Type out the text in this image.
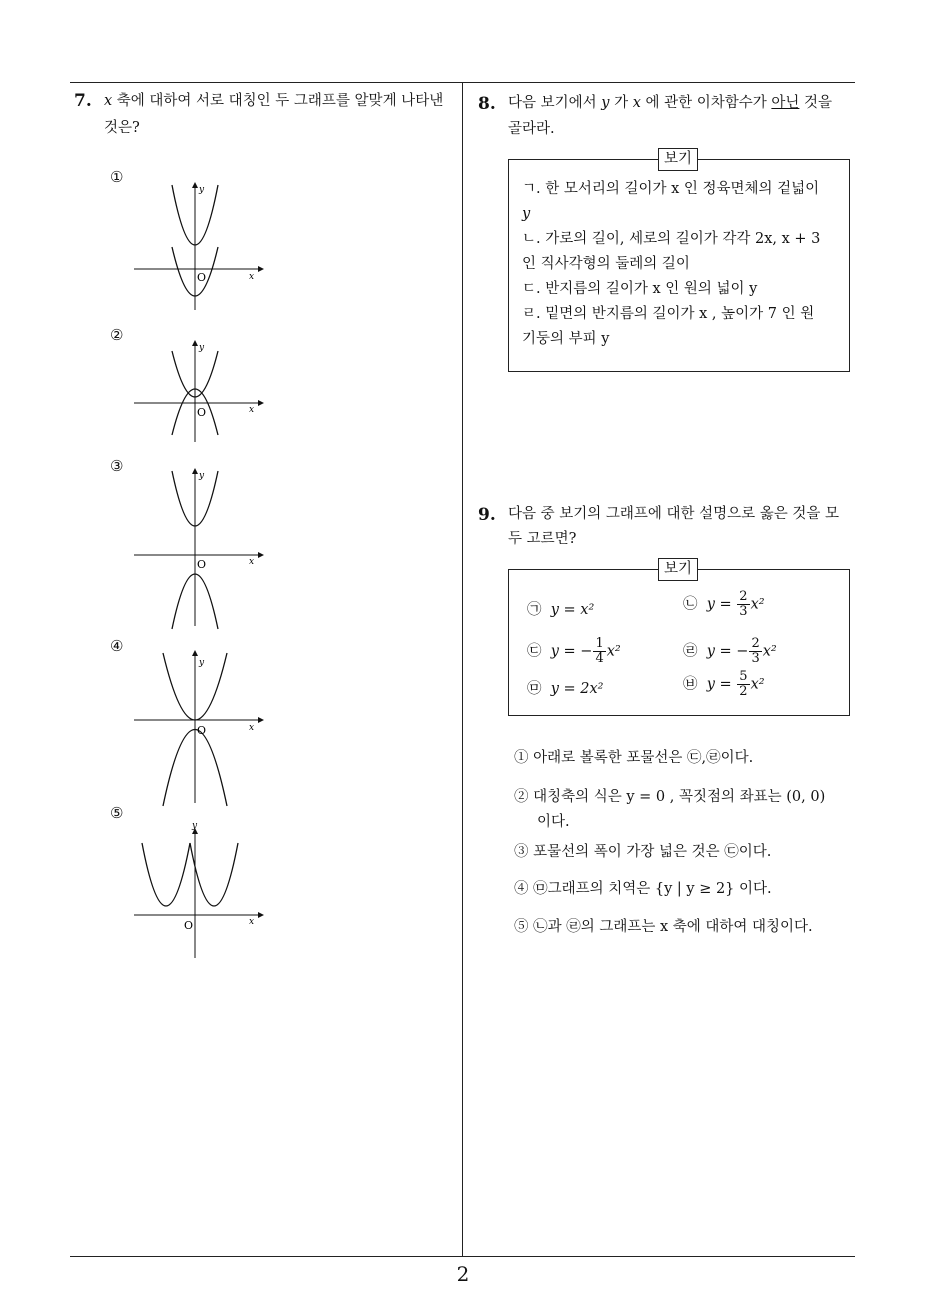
2
7. x 축에 대하여 서로 대칭인 두 그래프를 알맞게 나타낸
것은?
①
②
③
④
⑤
O	x
y
O	x
y
O	x
y
O	x
y
O	x
y
8. 다음 보기에서 y 가 x 에 관한 이차함수가 아닌 것을
골라라.
보기
ㄱ. 한 모서리의 길이가 x 인 정육면체의 겉넓이
y
ㄴ. 가로의 길이, 세로의 길이가 각각 2x, x + 3
인 직사각형의 둘레의 길이
ㄷ. 반지름의 길이가 x 인 원의 넓이 y
ㄹ. 밑면의 반지름의 길이가 x , 높이가 7 인 원
기둥의 부피 y
9. 다음 중 보기의 그래프에 대한 설명으로 옳은 것을 모
두 고르면?
보기
㉠ y = x²	㉡ $y = \frac{2}{3} x^2$
㉢ y = − $\frac{1}{4} x^2$	㉣ y = − $\frac{2}{3} x^2$
㉤ y = 2x²	㉥ $y = \frac{5}{2} x^2$
① 아래로 볼록한 포물선은 ㉢,㉣이다.
② 대칭축의 식은 y = 0 , 꼭짓점의 좌표는 (0, 0)
이다.
③ 포물선의 폭이 가장 넓은 것은 ㉢이다.
④ ㉤그래프의 치역은 {y | y ≥ 2} 이다.
⑤ ㉡과 ㉣의 그래프는 x 축에 대하여 대칭이다.
